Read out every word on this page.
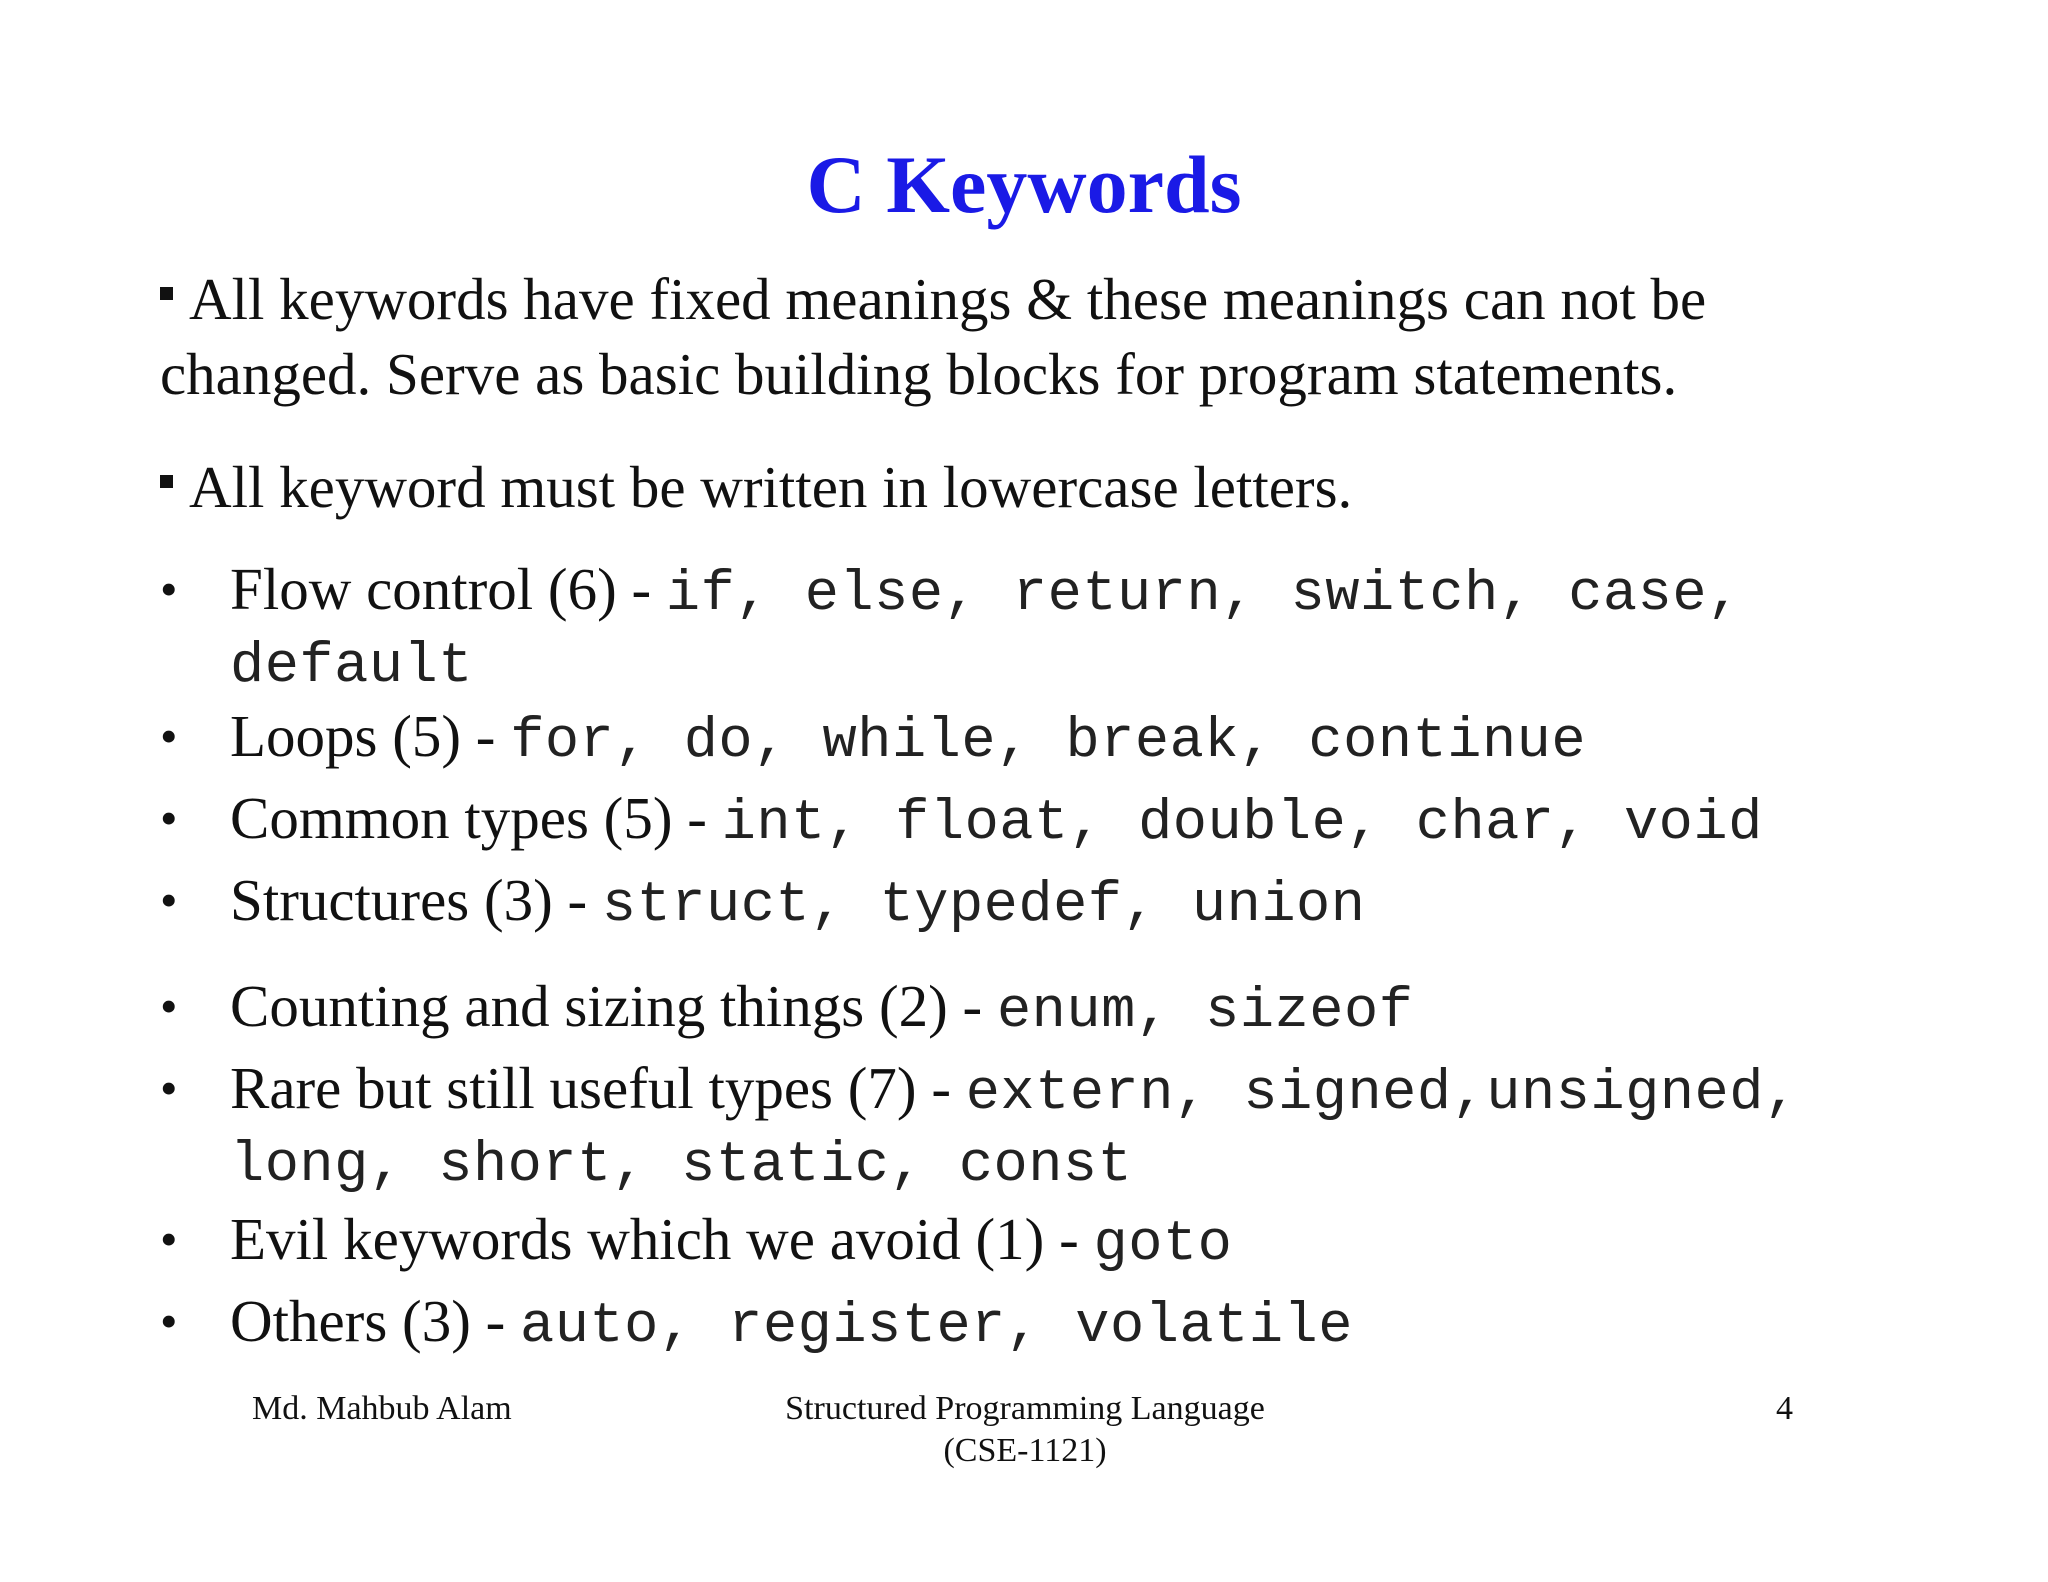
C Keywords
All keywords have fixed meanings & these meanings can not be changed. Serve as basic building blocks for program statements.
All keyword must be written in lowercase letters.
• Flow control (6) - if, else, return, switch, case,
default
• Loops (5) - for, do, while, break, continue
• Common types (5) - int, float, double, char, void
• Structures (3) - struct, typedef, union
• Counting and sizing things (2) - enum, sizeof
• Rare but still useful types (7) - extern, signed,unsigned,
long, short, static, const
• Evil keywords which we avoid (1) - goto
• Others (3) - auto, register, volatile
Md. Mahbub Alam	Structured Programming Language
(CSE-1121)
4
